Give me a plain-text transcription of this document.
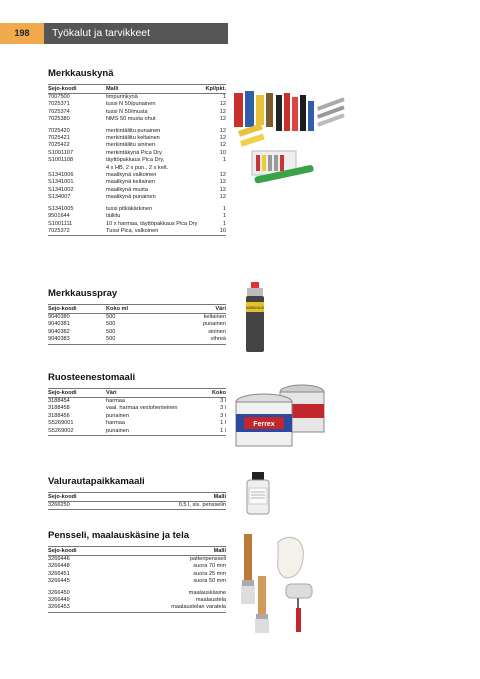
198	Työkalut ja tarvikkeet
Merkkauskynä
Sejo-koodi	Malli	Kpl/pkt.
7007500	timpurinkynä	1
7025371	tussi N 50/punainen	12
7025374	tussi N 50/musta	12
7025380	NMS 50 musta ohut	12
7025420	merkintäliitu punainen	12
7025421	merkintäliitu keltainen	12
7025422	merkintäliitu sininen	12
S1001107	merkintäkynä Pica Dry	10
S1001108	täyttöpakkaus Pica Dry,	1
	4 x HB, 2 x pun., 2 x kelt.	
S1341006	maalikynä valkoinen	12
S1341001	maalikynä keltainen	12
S1341002	maalikynä musta	12
S134007	maalikynä punainen	12
S1341005	tussi pitkäkärkinen	1
9501644	täiliitu	1
S1001111	10 x harmaa, täyttöpakkaus Pica Dry	1
7025372	Tussi Pica, valkoinen	10
Merkkausspray
Sejo-koodi	Koko ml	Väri
9040380	500	keltainen
9040381	500	punainen
9040382	500	sininen
9040383	500	vihreä
Ruosteenestomaali
Sejo-koodi	Väri	Koko
3188454	harmaa	3 l
3188458	vaal. harmaa vesiohenteinen	3 l
3188456	punainen	3 l
S5269001	harmaa	1 l
S5269002	punainen	1 l
Valurautapaikkamaali
Sejo-koodi		Malli
3266250		0,5 l, sis. pensselin
Pensseli, maalauskäsine ja tela
Sejo-koodi		Malli
3266446		patteripensseli
3266448		suora 70 mm
3266451		suora 25 mm
3266445		suora 50 mm
3266450		maalauskäsine
3266449		maalaustela
3266453		maalaustelan varatela
MARKKAUS
Ferrex
